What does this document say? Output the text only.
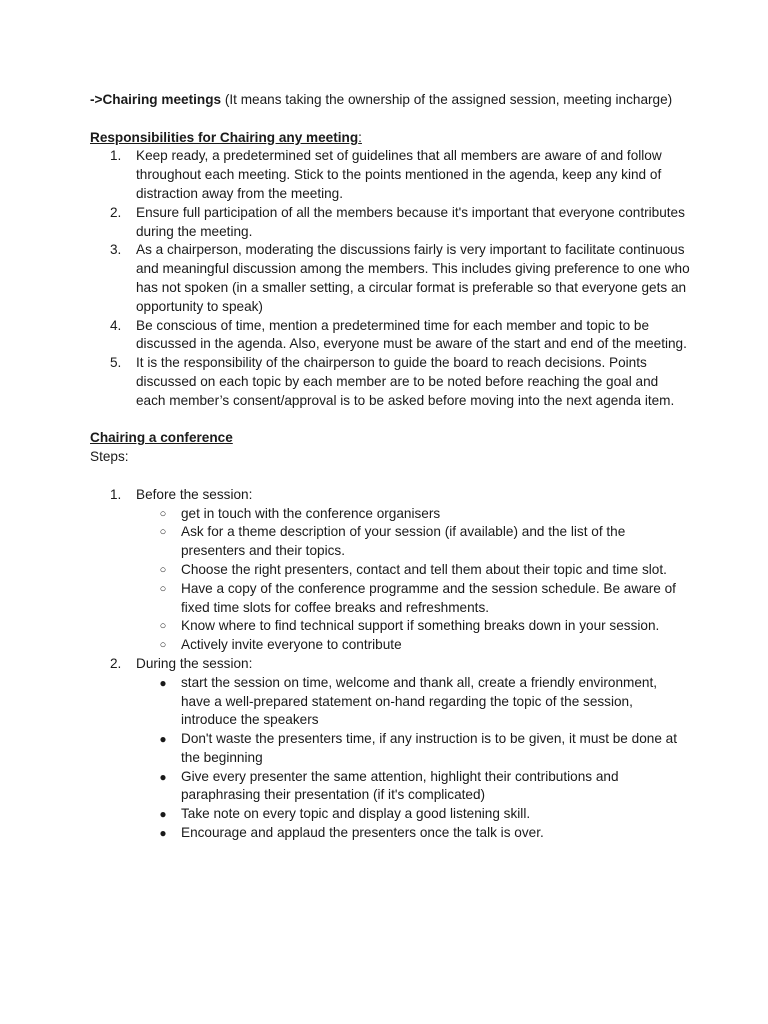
->Chairing meetings (It means taking the ownership of the assigned session, meeting incharge)

Responsibilities for Chairing any meeting:

1.	Keep ready, a predetermined set of guidelines that all members are aware of and follow throughout each meeting. Stick to the points mentioned in the agenda, keep any kind of distraction away from the meeting.
2.	Ensure full participation of all the members because it's important that everyone contributes during the meeting.
3.	As a chairperson, moderating the discussions fairly is very important to facilitate continuous and meaningful discussion among the members. This includes giving preference to one who has not spoken (in a smaller setting, a circular format is preferable so that everyone gets an opportunity to speak)
4.	Be conscious of time, mention a predetermined time for each member and topic to be discussed in the agenda. Also, everyone must be aware of the start and end of the meeting.
5.	It is the responsibility of the chairperson to guide the board to reach decisions. Points discussed on each topic by each member are to be noted before reaching the goal and each member’s consent/approval is to be asked before moving into the next agenda item.

Chairing a conference

Steps:

1.	Before the session:
○ get in touch with the conference organisers
○ Ask for a theme description of your session (if available) and the list of the presenters and their topics.
○ Choose the right presenters, contact and tell them about their topic and time slot.
○ Have a copy of the conference programme and the session schedule. Be aware of fixed time slots for coffee breaks and refreshments.
○ Know where to find technical support if something breaks down in your session.
○ Actively invite everyone to contribute
2.	During the session:
● start the session on time, welcome and thank all, create a friendly environment, have a well-prepared statement on-hand regarding the topic of the session, introduce the speakers
● Don't waste the presenters time, if any instruction is to be given, it must be done at the beginning
● Give every presenter the same attention, highlight their contributions and paraphrasing their presentation (if it's complicated)
● Take note on every topic and display a good listening skill.
● Encourage and applaud the presenters once the talk is over.
